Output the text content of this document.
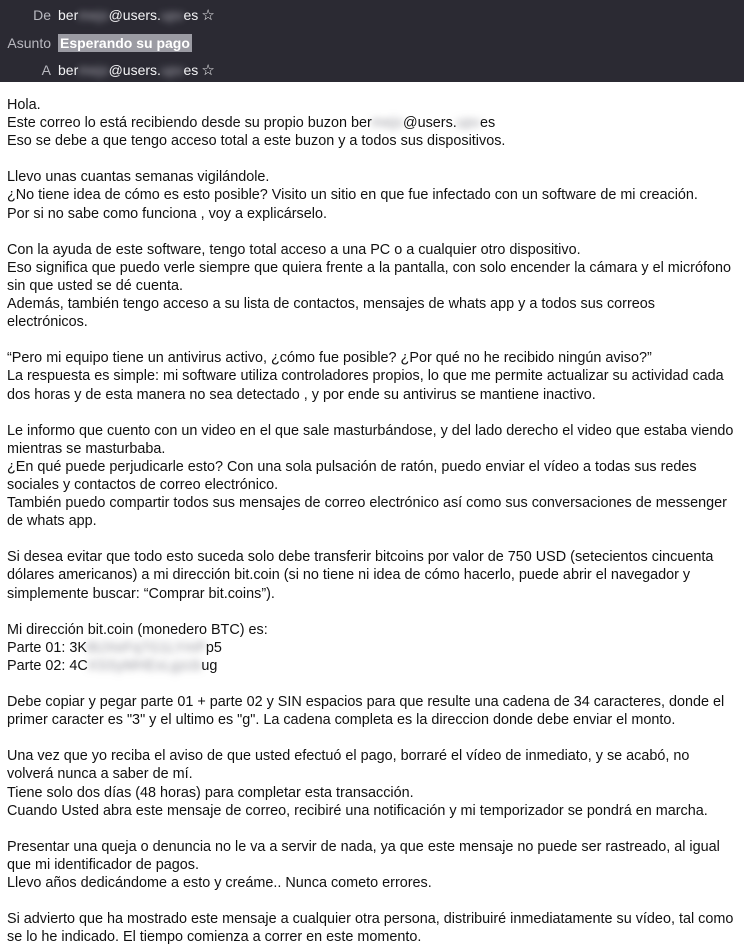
De ber mejo @users. upv es ☆
Asunto Esperando su pago
A ber mejo @users. upv es ☆

Hola.
Este correo lo está recibiendo desde su propio buzon bermejo@users.upves
Eso se debe a que tengo acceso total a este buzon y a todos sus dispositivos.

Llevo unas cuantas semanas vigilándole.
¿No tiene idea de cómo es esto posible? Visito un sitio en que fue infectado con un software de mi creación.
Por si no sabe como funciona , voy a explicárselo.

Con la ayuda de este software, tengo total acceso a una PC o a cualquier otro dispositivo.
Eso significa que puedo verle siempre que quiera frente a la pantalla, con solo encender la cámara y el micrófono sin que usted se dé cuenta.
Además, también tengo acceso a su lista de contactos, mensajes de whats app y a todos sus correos electrónicos.

“Pero mi equipo tiene un antivirus activo, ¿cómo fue posible? ¿Por qué no he recibido ningún aviso?”
La respuesta es simple: mi software utiliza controladores propios, lo que me permite actualizar su actividad cada dos horas y de esta manera no sea detectado , y por ende su antivirus se mantiene inactivo.

Le informo que cuento con un video en el que sale masturbándose, y del lado derecho el video que estaba viendo mientras se masturbaba.
¿En qué puede perjudicarle esto? Con una sola pulsación de ratón, puedo enviar el vídeo a todas sus redes sociales y contactos de correo electrónico.
También puedo compartir todos sus mensajes de correo electrónico así como sus conversaciones de messenger de whats app.

Si desea evitar que todo esto suceda solo debe transferir bitcoins por valor de 750 USD (setecientos cincuenta dólares americanos) a mi dirección bit.coin (si no tiene ni idea de cómo hacerlo, puede abrir el navegador y simplemente buscar: “Comprar bit.coins”).

Mi dirección bit.coin (monedero BTC) es:
Parte 01: 3K8tJXeFq7G1LYmPp5
Parte 02: 4CXSSyMHExLgzcbug

Debe copiar y pegar parte 01 + parte 02 y SIN espacios para que resulte una cadena de 34 caracteres, donde el primer caracter es "3" y el ultimo es "g". La cadena completa es la direccion donde debe enviar el monto.

Una vez que yo reciba el aviso de que usted efectuó el pago, borraré el vídeo de inmediato, y se acabó, no volverá nunca a saber de mí.
Tiene solo dos días (48 horas) para completar esta transacción.
Cuando Usted abra este mensaje de correo, recibiré una notificación y mi temporizador se pondrá en marcha.

Presentar una queja o denuncia no le va a servir de nada, ya que este mensaje no puede ser rastreado, al igual que mi identificador de pagos.
Llevo años dedicándome a esto y creáme.. Nunca cometo errores.

Si advierto que ha mostrado este mensaje a cualquier otra persona, distribuiré inmediatamente su vídeo, tal como se lo he indicado. El tiempo comienza a correr en este momento.
